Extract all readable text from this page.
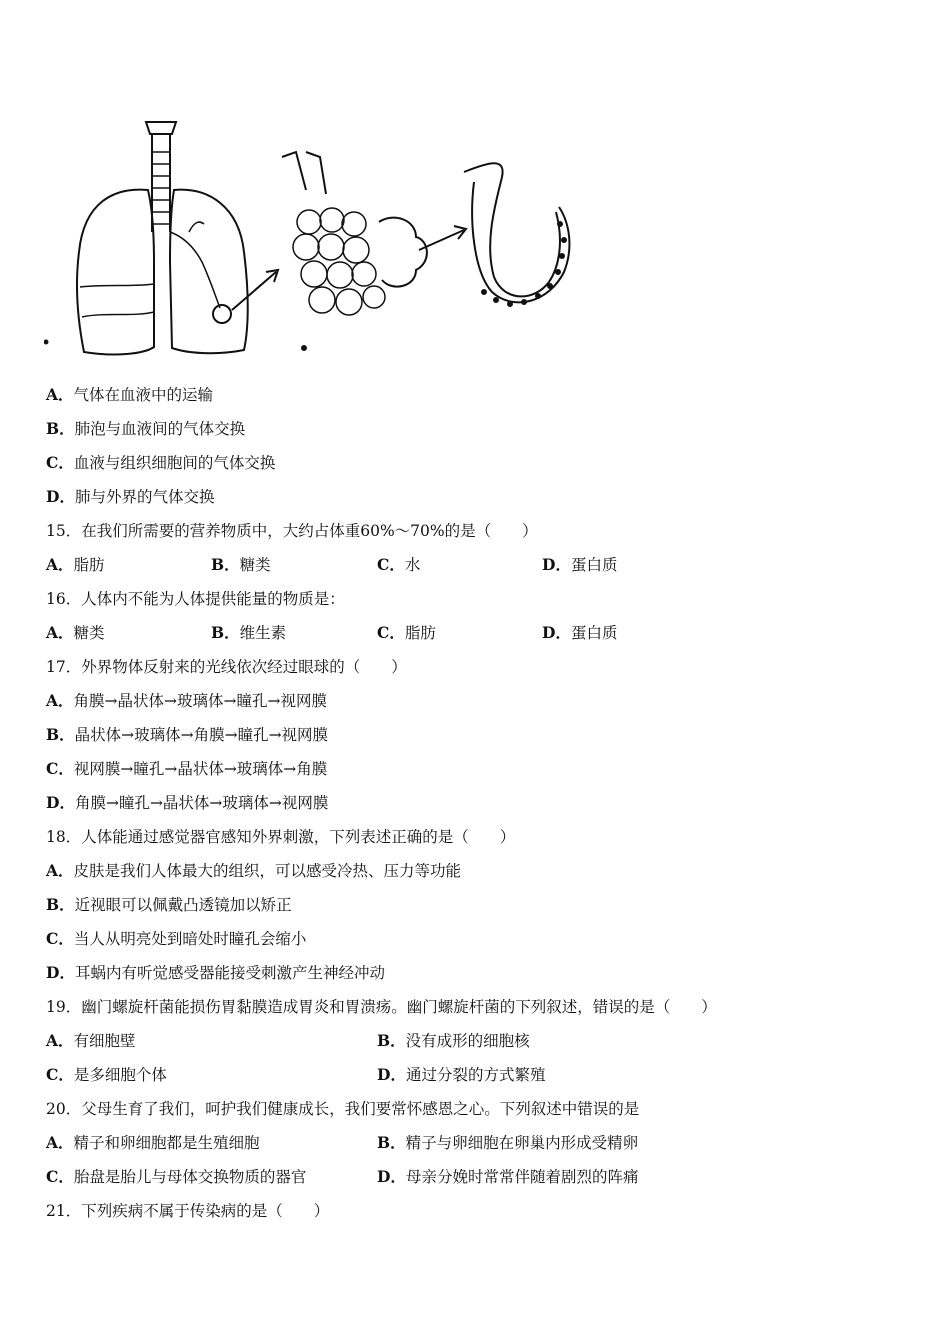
A．气体在血液中的运输
B．肺泡与血液间的气体交换
C．血液与组织细胞间的气体交换
D．肺与外界的气体交换
15．在我们所需要的营养物质中，大约占体重60%～70%的是（　　）
A．脂肪	B．糖类	C．水	D．蛋白质
16．人体内不能为人体提供能量的物质是：
A．糖类	B．维生素	C．脂肪	D．蛋白质
17．外界物体反射来的光线依次经过眼球的（　　）
A．角膜→晶状体→玻璃体→瞳孔→视网膜
B．晶状体→玻璃体→角膜→瞳孔→视网膜
C．视网膜→瞳孔→晶状体→玻璃体→角膜
D．角膜→瞳孔→晶状体→玻璃体→视网膜
18．人体能通过感觉器官感知外界刺激，下列表述正确的是（　　）
A．皮肤是我们人体最大的组织，可以感受冷热、压力等功能
B．近视眼可以佩戴凸透镜加以矫正
C．当人从明亮处到暗处时瞳孔会缩小
D．耳蜗内有听觉感受器能接受刺激产生神经冲动
19．幽门螺旋杆菌能损伤胃黏膜造成胃炎和胃溃疡。幽门螺旋杆菌的下列叙述，错误的是（　　）
A．有细胞壁	B．没有成形的细胞核
C．是多细胞个体	D．通过分裂的方式繁殖
20．父母生育了我们，呵护我们健康成长，我们要常怀感恩之心。下列叙述中错误的是
A．精子和卵细胞都是生殖细胞	B．精子与卵细胞在卵巢内形成受精卵
C．胎盘是胎儿与母体交换物质的器官	D．母亲分娩时常常伴随着剧烈的阵痛
21．下列疾病不属于传染病的是（　　）
